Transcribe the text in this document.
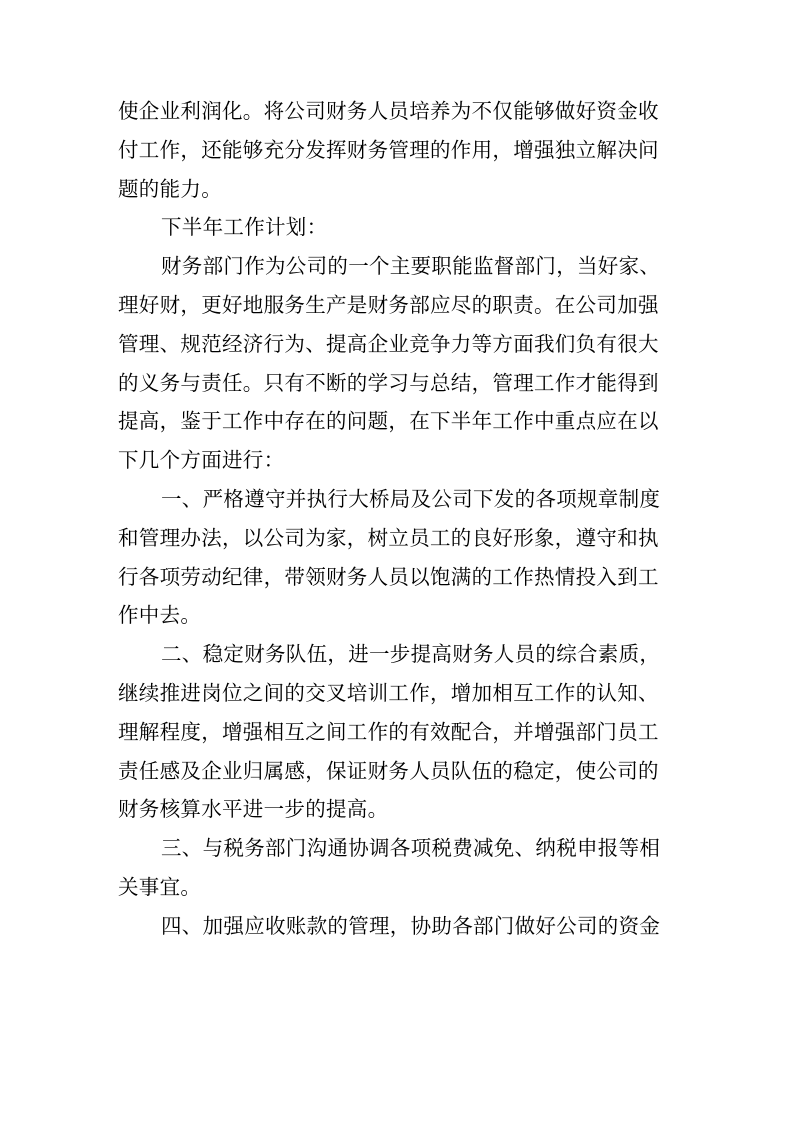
使企业利润化。将公司财务人员培养为不仅能够做好资金收
付工作，还能够充分发挥财务管理的作用，增强独立解决问
题的能力。
下半年工作计划：
财务部门作为公司的一个主要职能监督部门，当好家、
理好财，更好地服务生产是财务部应尽的职责。在公司加强
管理、规范经济行为、提高企业竞争力等方面我们负有很大
的义务与责任。只有不断的学习与总结，管理工作才能得到
提高，鉴于工作中存在的问题，在下半年工作中重点应在以
下几个方面进行：
一、严格遵守并执行大桥局及公司下发的各项规章制度
和管理办法，以公司为家，树立员工的良好形象，遵守和执
行各项劳动纪律，带领财务人员以饱满的工作热情投入到工
作中去。
二、稳定财务队伍，进一步提高财务人员的综合素质，
继续推进岗位之间的交叉培训工作，增加相互工作的认知、
理解程度，增强相互之间工作的有效配合，并增强部门员工
责任感及企业归属感，保证财务人员队伍的稳定，使公司的
财务核算水平进一步的提高。
三、与税务部门沟通协调各项税费减免、纳税申报等相
关事宜。
四、加强应收账款的管理，协助各部门做好公司的资金
